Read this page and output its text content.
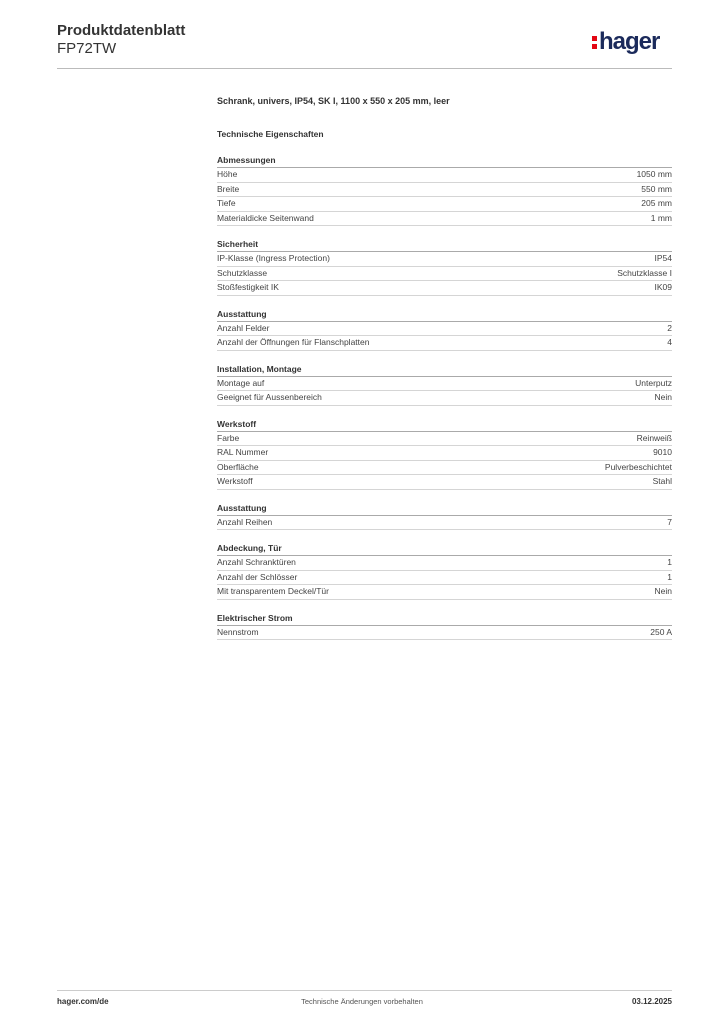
Produktdatenblatt
FP72TW	hager
Schrank, univers, IP54, SK I, 1100 x 550 x 205 mm, leer
Technische Eigenschaften
Abmessungen
Höhe	1050 mm
Breite	550 mm
Tiefe	205 mm
Materialdicke Seitenwand	1 mm
Sicherheit
IP-Klasse (Ingress Protection)	IP54
Schutzklasse	Schutzklasse I
Stoßfestigkeit IK	IK09
Ausstattung
Anzahl Felder	2
Anzahl der Öffnungen für Flanschplatten	4
Installation, Montage
Montage auf	Unterputz
Geeignet für Aussenbereich	Nein
Werkstoff
Farbe	Reinweiß
RAL Nummer	9010
Oberfläche	Pulverbeschichtet
Werkstoff	Stahl
Ausstattung
Anzahl Reihen	7
Abdeckung, Tür
Anzahl Schranktüren	1
Anzahl der Schlösser	1
Mit transparentem Deckel/Tür	Nein
Elektrischer Strom
Nennstrom	250 A
hager.com/de	Technische Änderungen vorbehalten	03.12.2025
